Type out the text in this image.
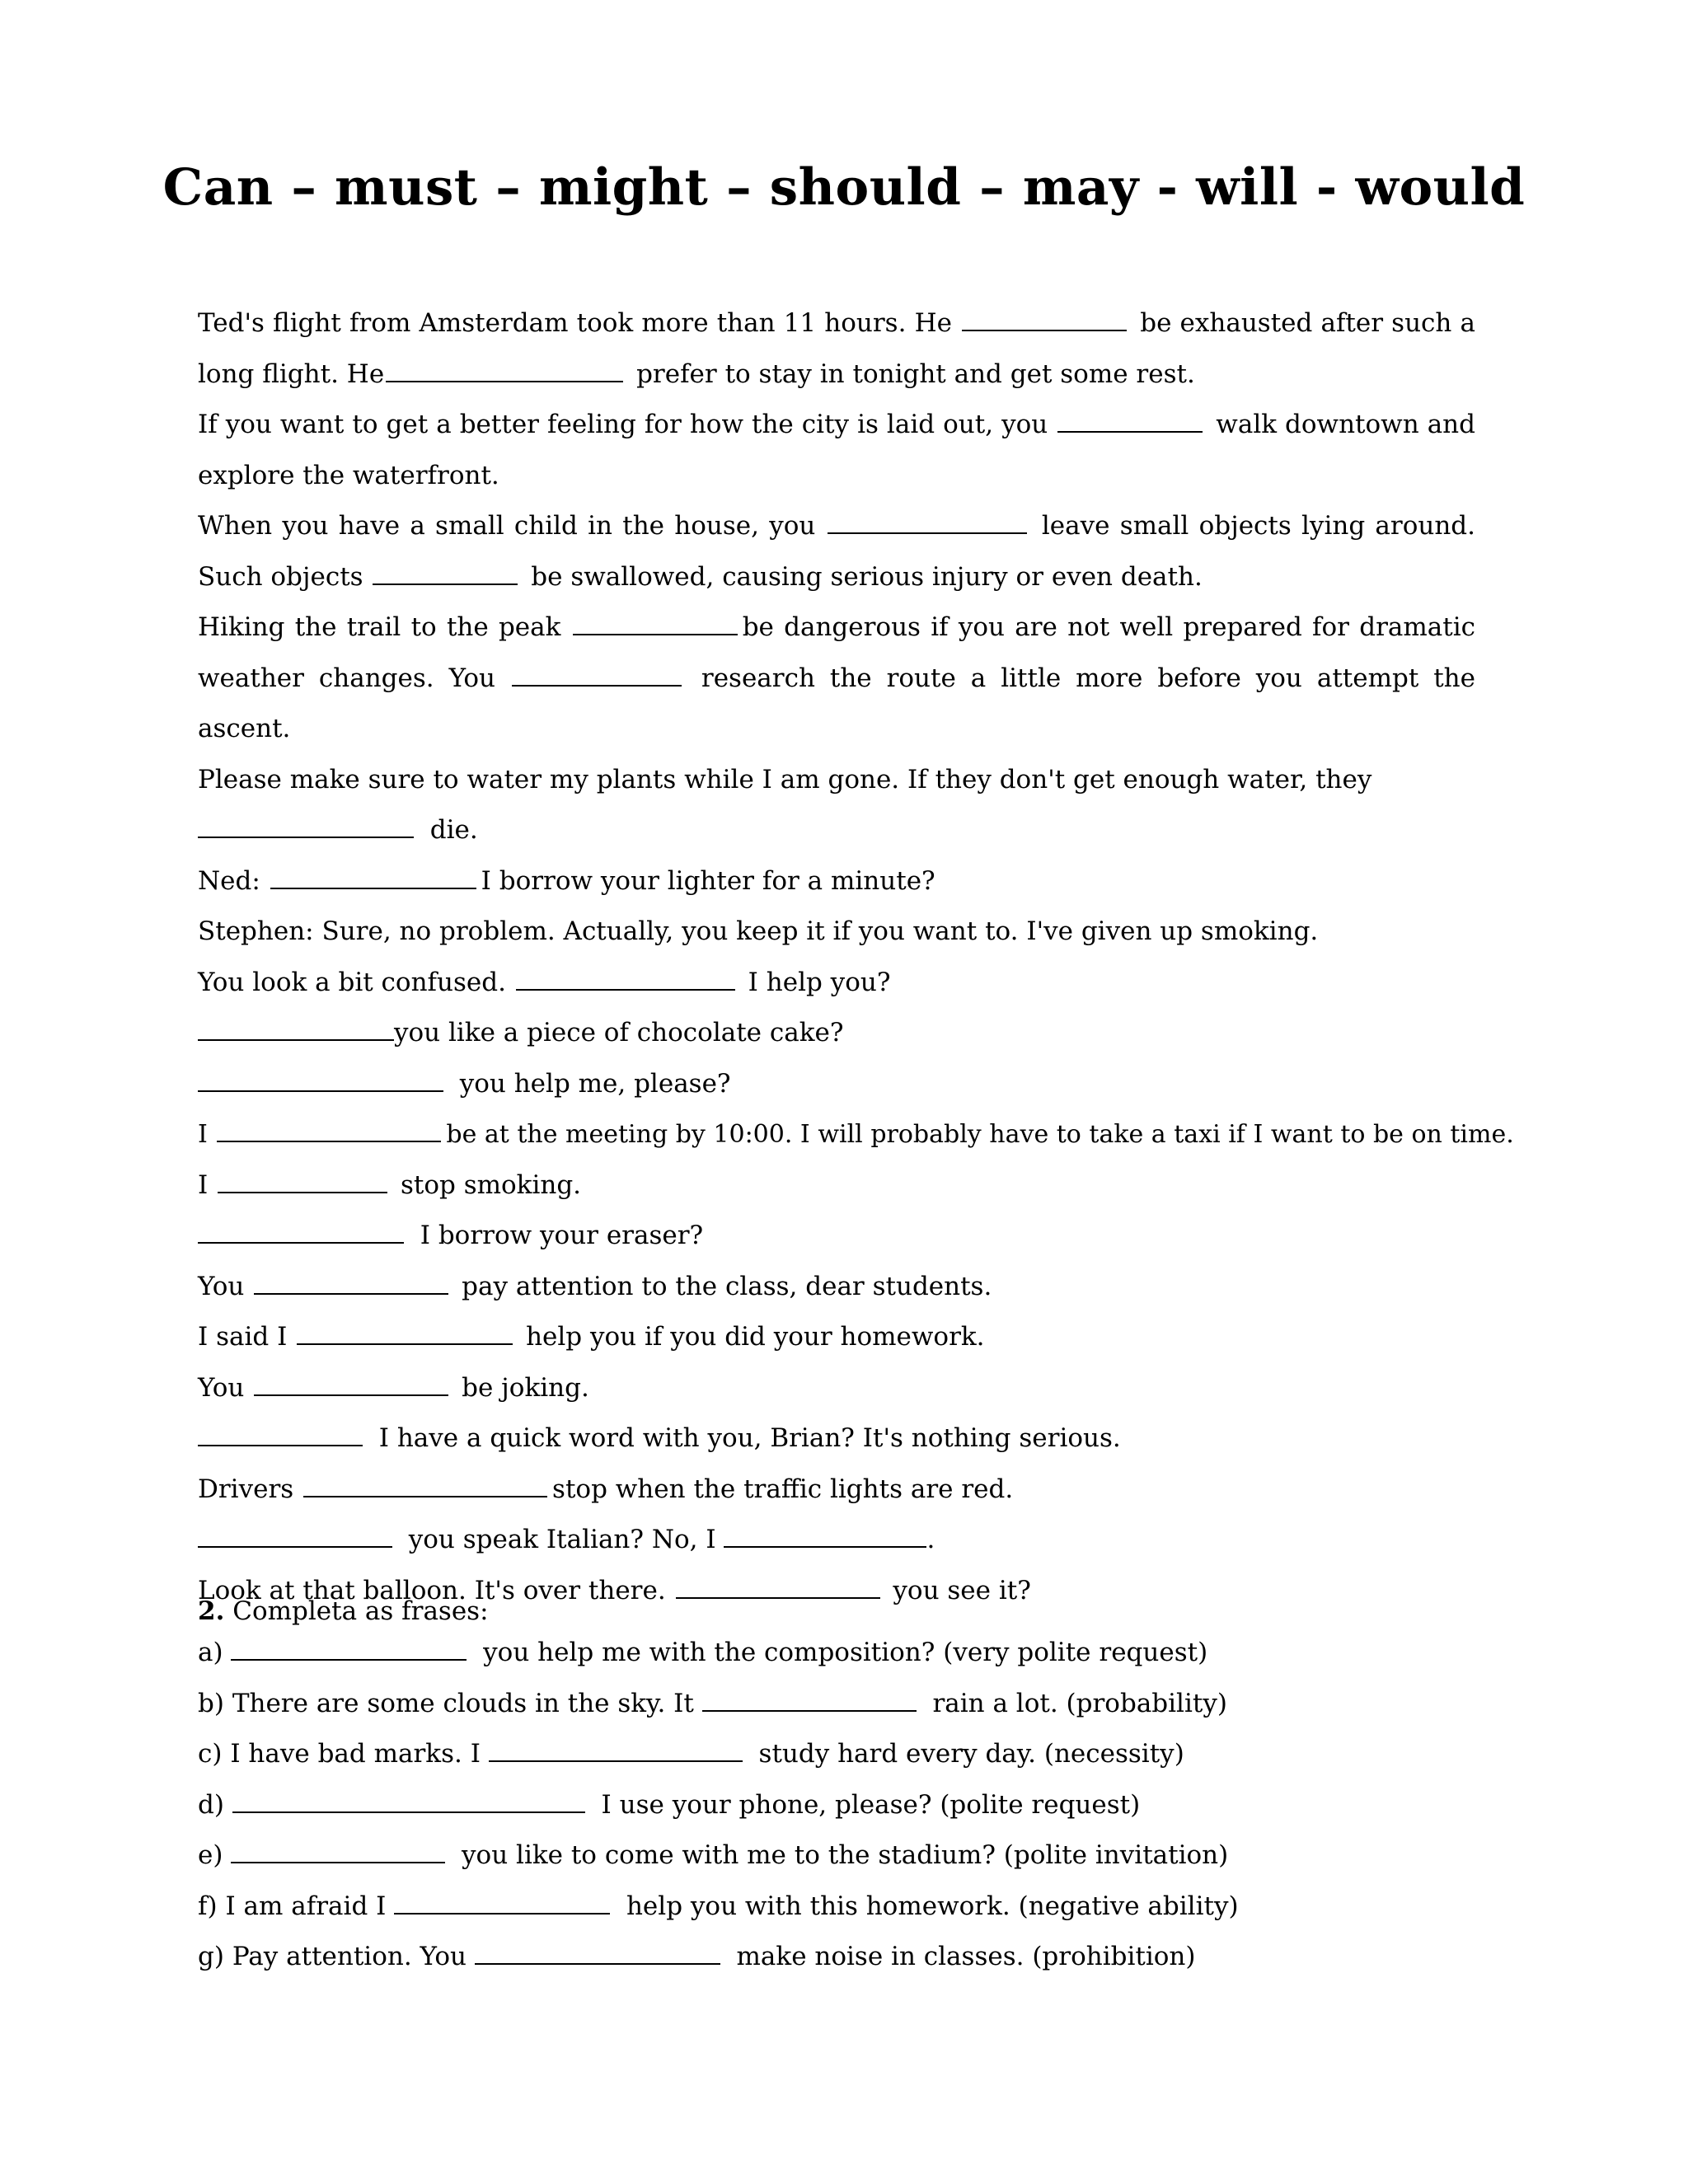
Can – must – might – should – may - will - would
Ted's flight from Amsterdam took more than 11 hours. He	be exhausted after such a long flight. He	prefer to stay in tonight and get some rest.
If you want to get a better feeling for how the city is laid out, you	walk downtown and explore the waterfront.
When you have a small child in the house, you	leave small objects lying around. Such objects	be swallowed, causing serious injury or even death.
Hiking the trail to the peak	be dangerous if you are not well prepared for dramatic weather changes. You	research the route a little more before you attempt the ascent.
Please make sure to water my plants while I am gone. If they don't get enough water, they
die.
Ned:	I borrow your lighter for a minute?
Stephen: Sure, no problem. Actually, you keep it if you want to. I've given up smoking.
You look a bit confused.	I help you?
you like a piece of chocolate cake?
you help me, please?
I	be at the meeting by 10:00. I will probably have to take a taxi if I want to be on time.
I	stop smoking.
I borrow your eraser?
You	pay attention to the class, dear students.
I said I	help you if you did your homework.
You	be joking.
I have a quick word with you, Brian? It's nothing serious.
Drivers	stop when the traffic lights are red.
you speak Italian? No, I	.
Look at that balloon. It's over there.	you see it?
2. Completa as frases:
a)	you help me with the composition? (very polite request)
b) There are some clouds in the sky. It	rain a lot. (probability)
c) I have bad marks. I	study hard every day. (necessity)
d)	I use your phone, please? (polite request)
e)	you like to come with me to the stadium? (polite invitation)
f) I am afraid I	help you with this homework. (negative ability)
g) Pay attention. You	make noise in classes. (prohibition)
